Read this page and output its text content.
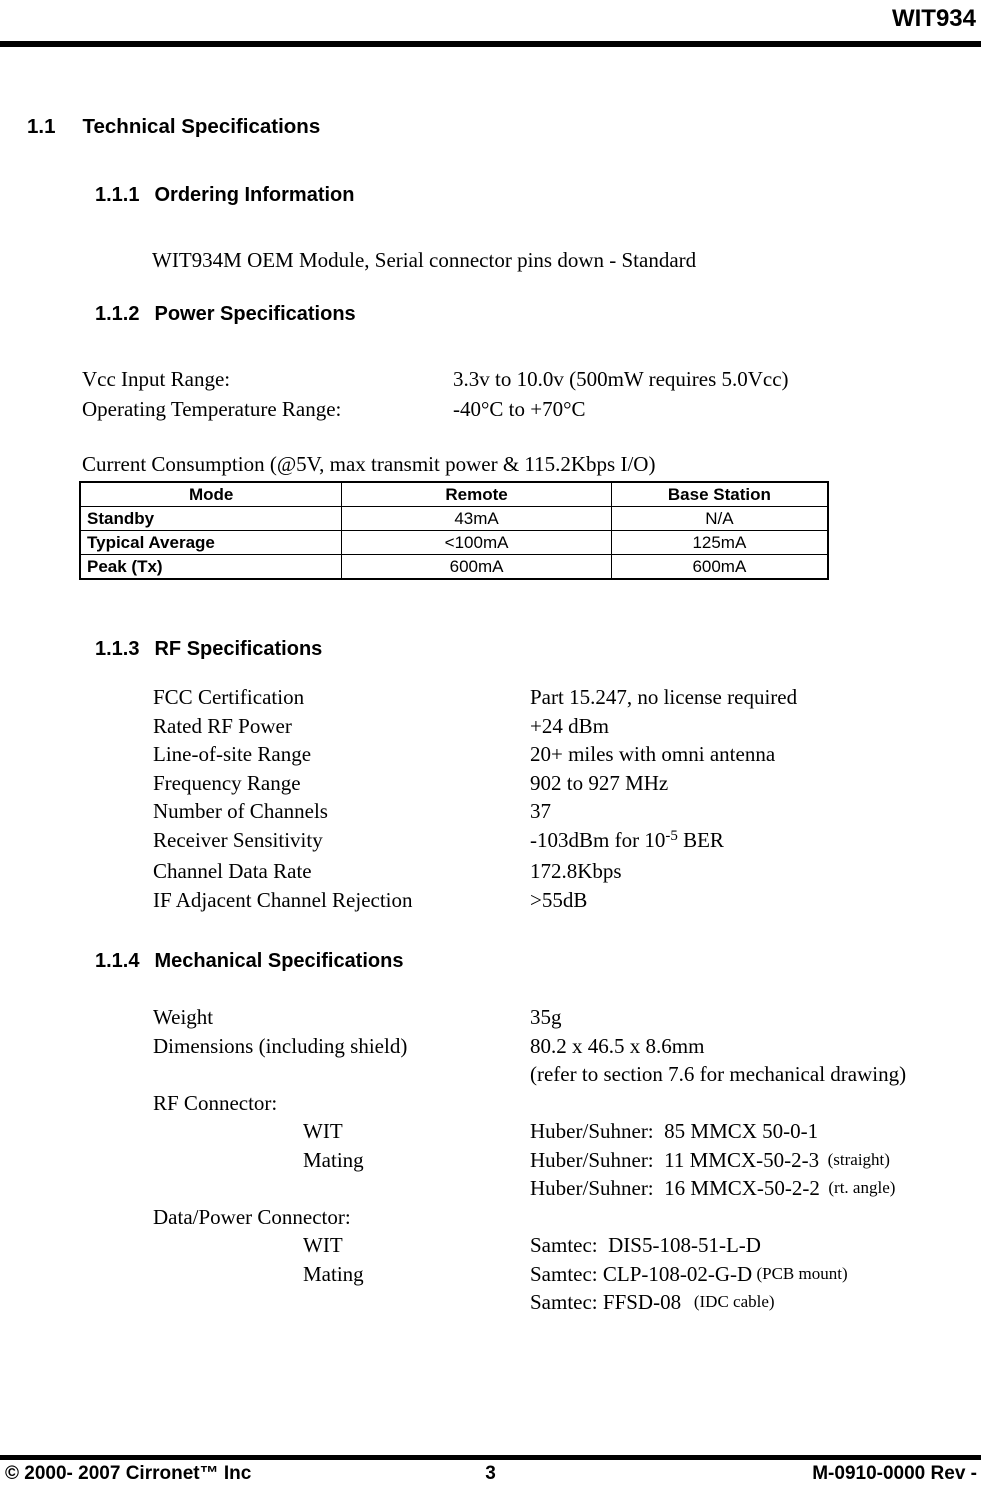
WIT934
1.1 Technical Specifications
1.1.1 Ordering Information
WIT934M OEM Module, Serial connector pins down - Standard
1.1.2 Power Specifications
Vcc Input Range:	3.3v to 10.0v (500mW requires 5.0Vcc)
Operating Temperature Range:	-40°C to +70°C
Current Consumption (@5V, max transmit power & 115.2Kbps I/O)
Mode	Remote	Base Station
Standby	43mA	N/A
Typical Average	<100mA	125mA
Peak (Tx)	600mA	600mA
1.1.3 RF Specifications
FCC Certification	Part 15.247, no license required
Rated RF Power	+24 dBm
Line-of-site Range	20+ miles with omni antenna
Frequency Range	902 to 927 MHz
Number of Channels	37
Receiver Sensitivity	-103dBm for $10^{-5}$ BER
Channel Data Rate	172.8Kbps
IF Adjacent Channel Rejection	>55dB
1.1.4 Mechanical Specifications
Weight	35g
Dimensions (including shield)	80.2 x 46.5 x 8.6mm
(refer to section 7.6 for mechanical drawing)
RF Connector:
WIT	Huber/Suhner:  85 MMCX 50-0-1
Mating	Huber/Suhner:  11 MMCX-50-2-3 (straight)
Huber/Suhner:  16 MMCX-50-2-2 (rt. angle)
Data/Power Connector:
WIT	Samtec:  DIS5-108-51-L-D
Mating	Samtec: CLP-108-02-G-D (PCB mount)
Samtec: FFSD-08 (IDC cable)
3
© 2000- 2007 Cirronet™ Inc	M-0910-0000 Rev -
